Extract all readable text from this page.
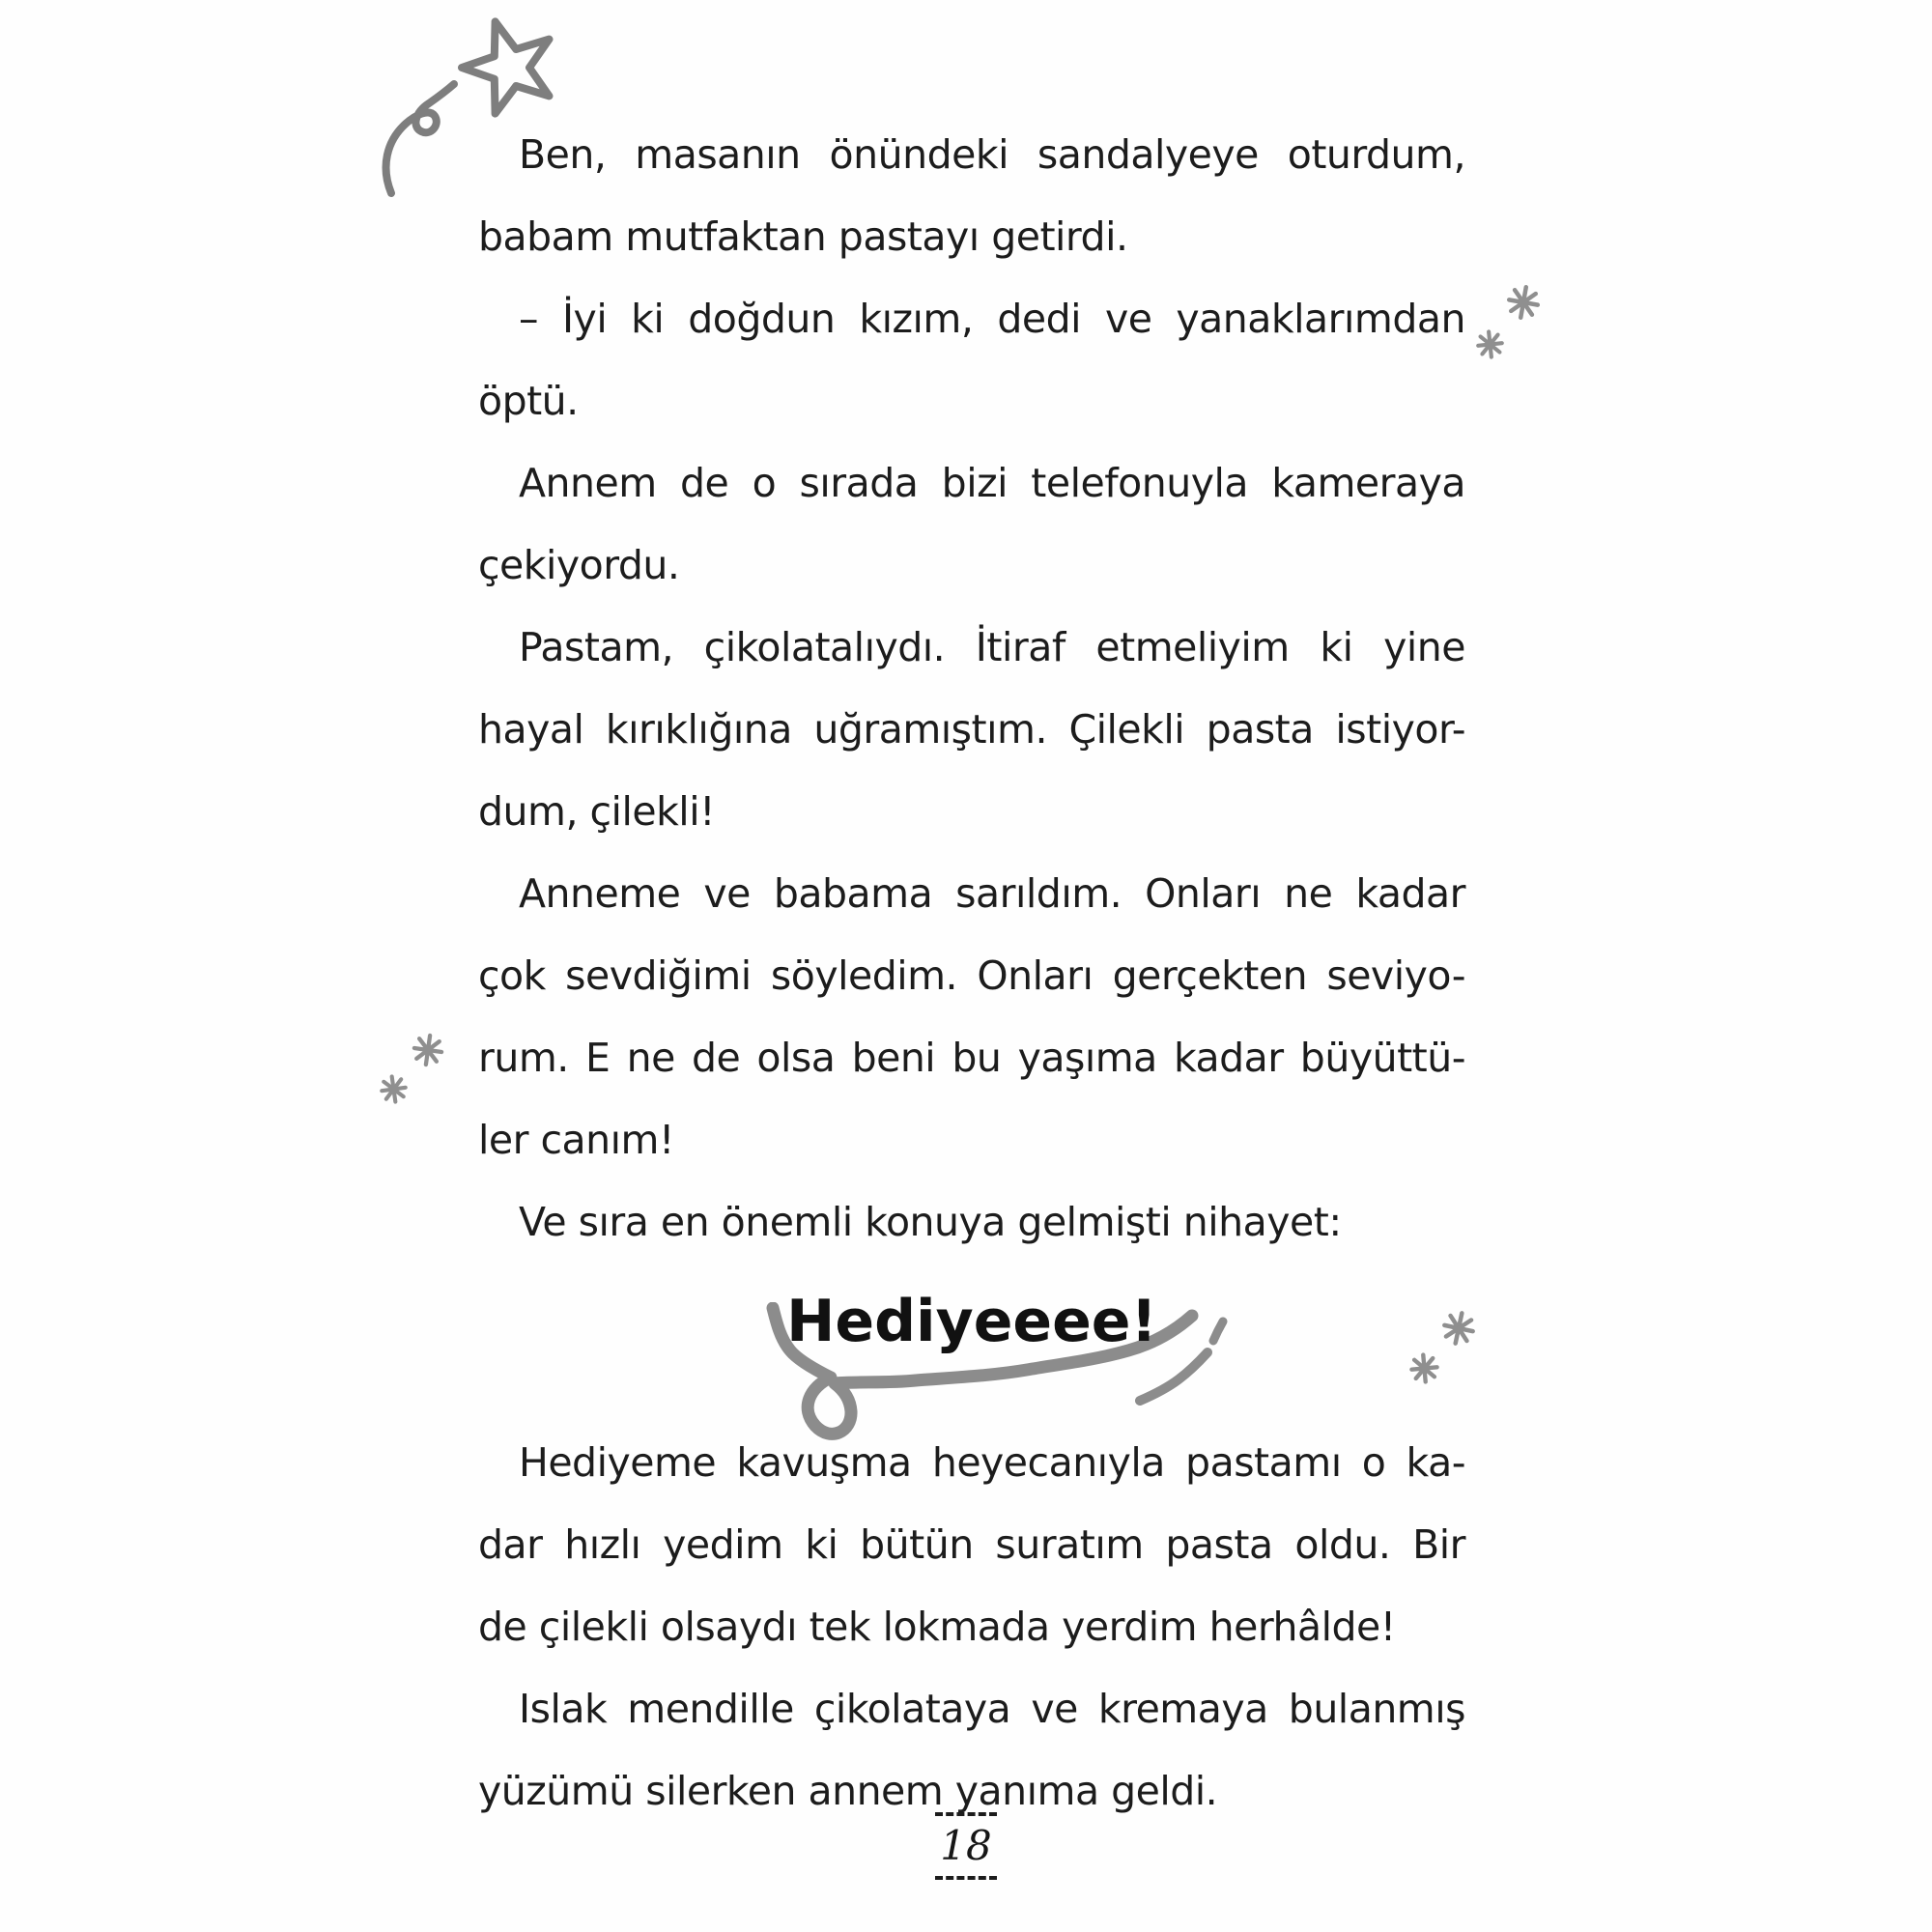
Ben, masanın önündeki sandalyeye oturdum,
babam mutfaktan pastayı getirdi.
– İyi ki doğdun kızım, dedi ve yanaklarımdan
öptü.
Annem de o sırada bizi telefonuyla kameraya
çekiyordu.
Pastam, çikolatalıydı. İtiraf etmeliyim ki yine
hayal kırıklığına uğramıştım. Çilekli pasta istiyor-
dum, çilekli!
Anneme ve babama sarıldım. Onları ne kadar
çok sevdiğimi söyledim. Onları gerçekten seviyo-
rum. E ne de olsa beni bu yaşıma kadar büyüttü-
ler canım!
Ve sıra en önemli konuya gelmişti nihayet:
Hediyeeee!
Hediyeme kavuşma heyecanıyla pastamı o ka-
dar hızlı yedim ki bütün suratım pasta oldu. Bir
de çilekli olsaydı tek lokmada yerdim herhâlde!
Islak mendille çikolataya ve kremaya bulanmış
yüzümü silerken annem yanıma geldi.
18
